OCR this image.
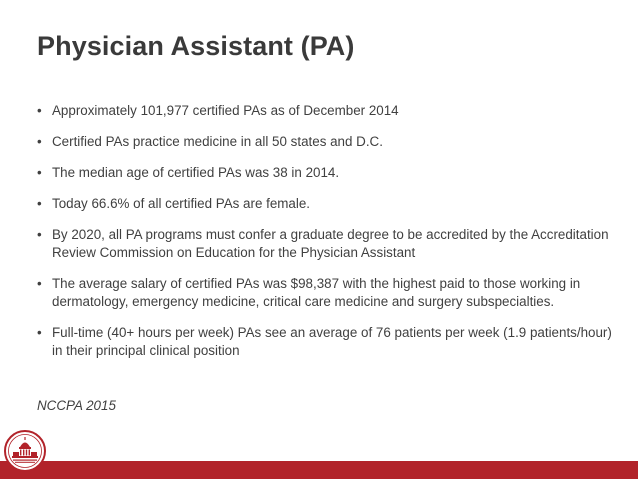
Physician Assistant (PA)
• Approximately 101,977 certified PAs as of December 2014
• Certified PAs practice medicine in all 50 states and D.C.
• The median age of certified PAs was 38 in 2014.
• Today 66.6% of all certified PAs are female.
• By 2020, all PA programs must confer a graduate degree to be accredited by the Accreditation Review Commission on Education for the Physician Assistant
• The average salary of certified PAs was $98,387 with the highest paid to those working in dermatology, emergency medicine, critical care medicine and surgery subspecialties.
• Full-time (40+ hours per week) PAs see an average of 76 patients per week (1.9 patients/hour) in their principal clinical position
NCCPA 2015
